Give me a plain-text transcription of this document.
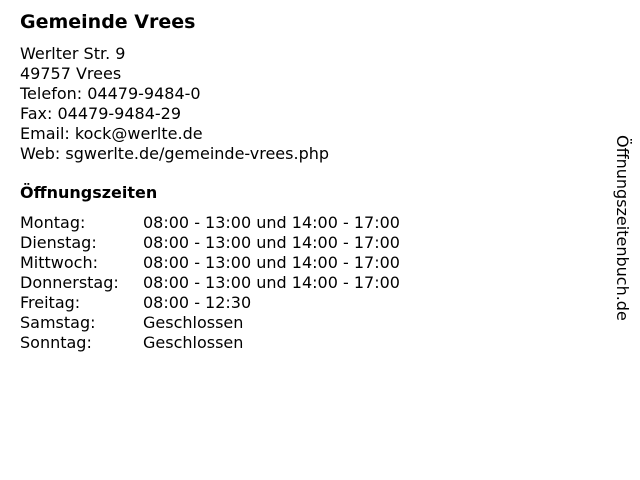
Gemeinde Vrees
Werlter Str. 9
49757 Vrees
Telefon: 04479-9484-0
Fax: 04479-9484-29
Email: kock@werlte.de
Web: sgwerlte.de/gemeinde-vrees.php
Öffnungszeiten
Montag:	08:00 - 13:00 und 14:00 - 17:00
Dienstag:	08:00 - 13:00 und 14:00 - 17:00
Mittwoch:	08:00 - 13:00 und 14:00 - 17:00
Donnerstag:	08:00 - 13:00 und 14:00 - 17:00
Freitag:	08:00 - 12:30
Samstag:	Geschlossen
Sonntag:	Geschlossen
Öffnungszeitenbuch.de
